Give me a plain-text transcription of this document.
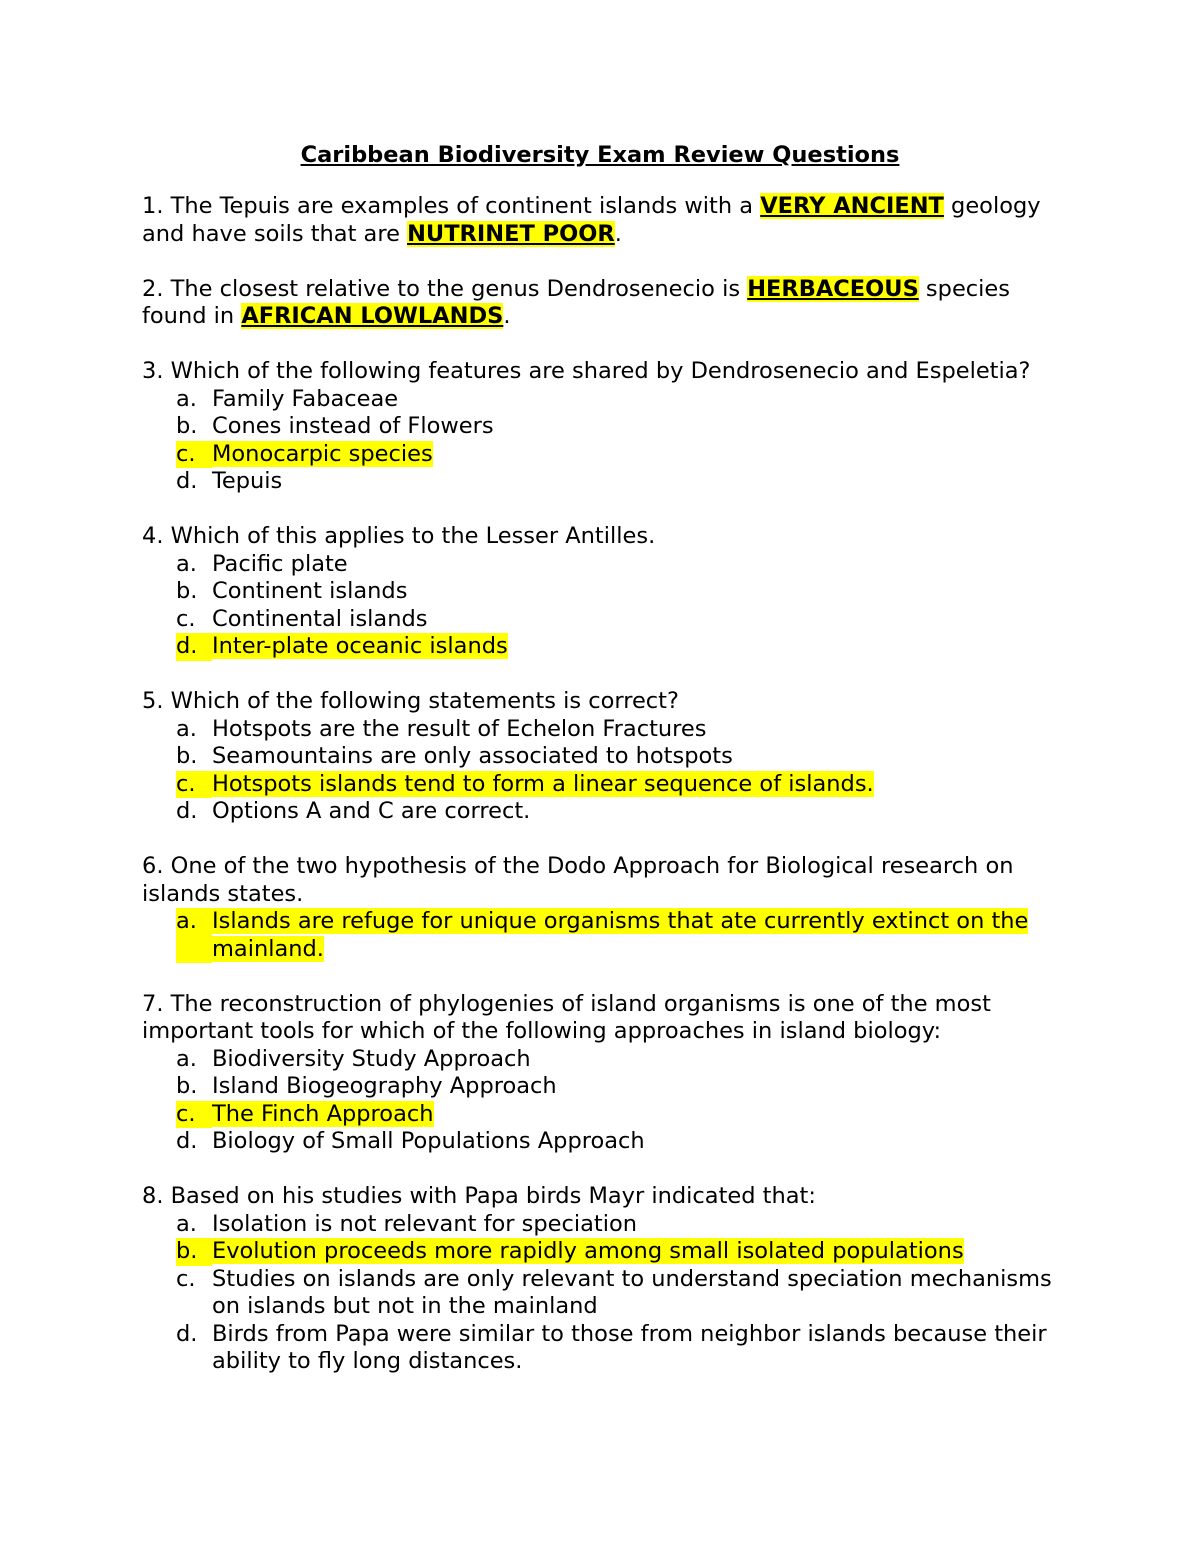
Caribbean Biodiversity Exam Review Questions

1. The Tepuis are examples of continent islands with a VERY ANCIENT geology and have soils that are NUTRINET POOR.

2. The closest relative to the genus Dendrosenecio is HERBACEOUS species found in AFRICAN LOWLANDS.

3. Which of the following features are shared by Dendrosenecio and Espeletia?
a. Family Fabaceae
b. Cones instead of Flowers
c. Monocarpic species
d. Tepuis
4. Which of this applies to the Lesser Antilles.
a. Pacific plate
b. Continent islands
c. Continental islands
d. Inter-plate oceanic islands
5. Which of the following statements is correct?
a. Hotspots are the result of Echelon Fractures
b. Seamountains are only associated to hotspots
c. Hotspots islands tend to form a linear sequence of islands.
d. Options A and C are correct.
6. One of the two hypothesis of the Dodo Approach for Biological research on islands states.
a. Islands are refuge for unique organisms that ate currently extinct on the mainland.
7. The reconstruction of phylogenies of island organisms is one of the most important tools for which of the following approaches in island biology:
a. Biodiversity Study Approach
b. Island Biogeography Approach
c. The Finch Approach
d. Biology of Small Populations Approach
8. Based on his studies with Papa birds Mayr indicated that:
a. Isolation is not relevant for speciation
b. Evolution proceeds more rapidly among small isolated populations
c. Studies on islands are only relevant to understand speciation mechanisms on islands but not in the mainland
d. Birds from Papa were similar to those from neighbor islands because their ability to fly long distances.
